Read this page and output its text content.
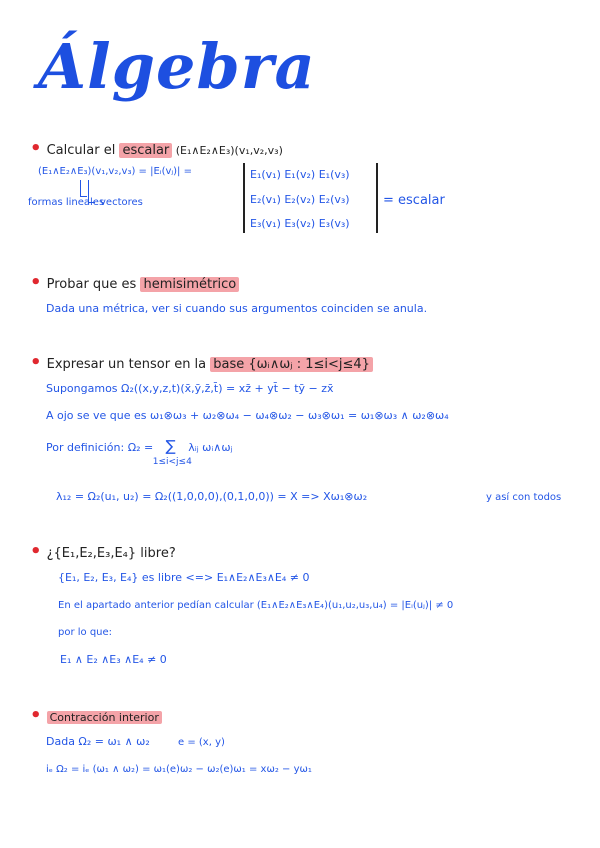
Álgebra
• Calcular el escalar (E₁∧E₂∧E₃)(v₁,v₂,v₃)
(E₁∧E₂∧E₃)(v₁,v₂,v₃) = |Eᵢ(vⱼ)| =
formas lineales
vectores
E₁(v₁) E₁(v₂) E₁(v₃)
E₂(v₁) E₂(v₂) E₂(v₃)
E₃(v₁) E₃(v₂) E₃(v₃)
= escalar
• Probar que es hemisimétrico
Dada una métrica, ver si cuando sus argumentos coinciden se anula.
• Expresar un tensor en la base {ωᵢ∧ωⱼ : 1≤i<j≤4}
Supongamos Ω₂((x,y,z,t)(x̄,ȳ,z̄,t̄) = xz̄ + yt̄ − tȳ − zx̄
A ojo se ve que es ω₁⊗ω₃ + ω₂⊗ω₄ − ω₄⊗ω₂ − ω₃⊗ω₁ = ω₁⊗ω₃ ∧ ω₂⊗ω₄
Por definición: Ω₂ = ∑
1≤i<j≤4
λᵢⱼ ωᵢ∧ωⱼ
λ₁₂ = Ω₂(u₁, u₂) = Ω₂((1,0,0,0),(0,1,0,0)) = X => Xω₁⊗ω₂	y así con todos
• ¿{E₁,E₂,E₃,E₄} libre?
{E₁, E₂, E₃, E₄} es libre <=> E₁∧E₂∧E₃∧E₄ ≠ 0
En el apartado anterior pedían calcular (E₁∧E₂∧E₃∧E₄)(u₁,u₂,u₃,u₄) = |Eᵢ(uⱼ)| ≠ 0
por lo que:
E₁ ∧ E₂ ∧E₃ ∧E₄ ≠ 0
• Contracción interior
Dada Ω₂ = ω₁ ∧ ω₂	e = (x, y)
iₑ Ω₂ = iₑ (ω₁ ∧ ω₂) = ω₁(e)ω₂ − ω₂(e)ω₁ = xω₂ − yω₁
